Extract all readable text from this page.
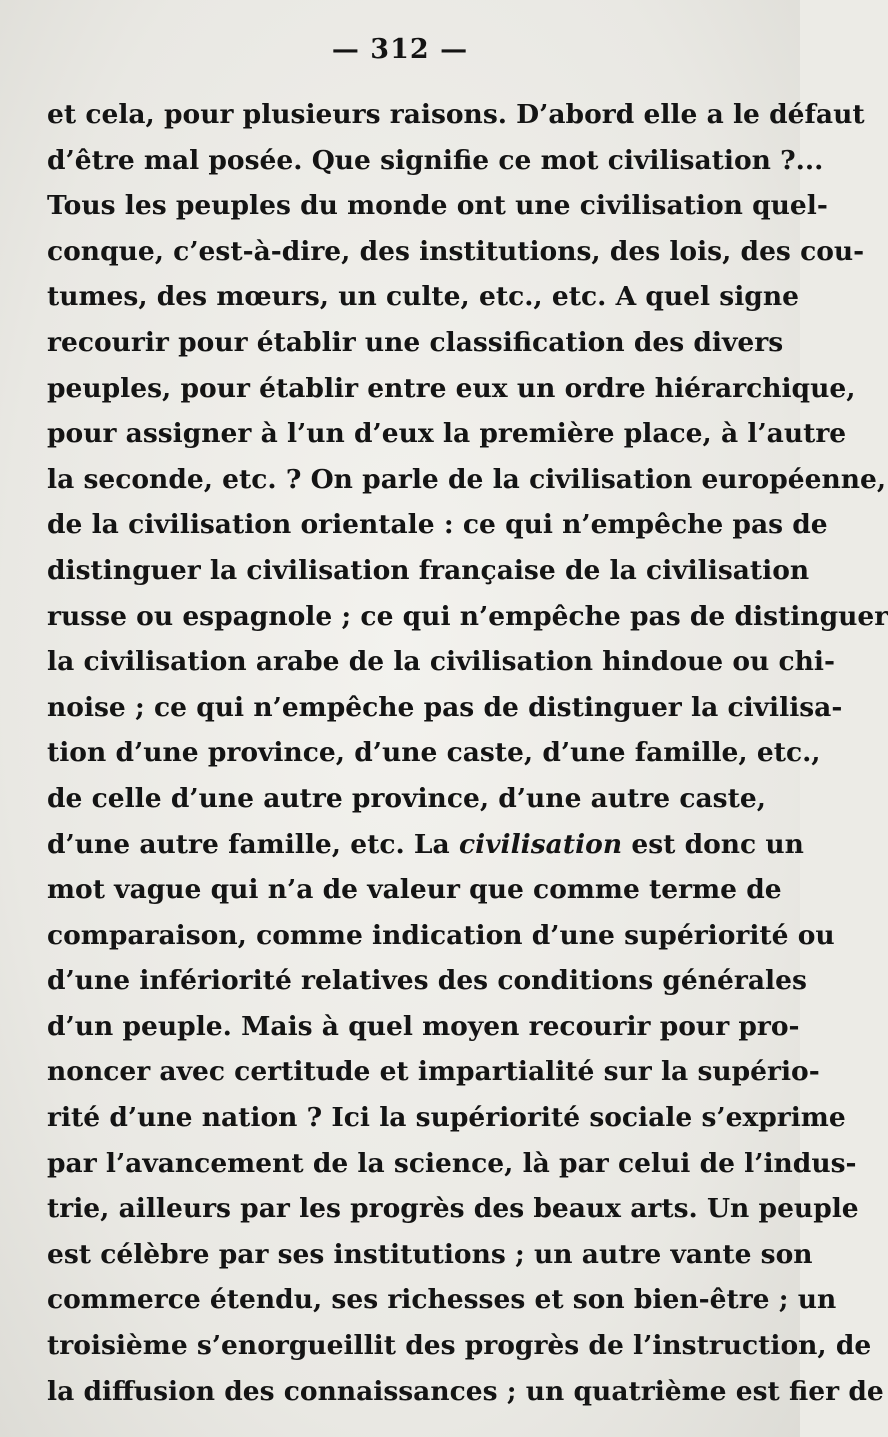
— 312 —
et cela, pour plusieurs raisons. D’abord elle a le défaut
d’être mal posée. Que signifie ce mot civilisation ?...
Tous les peuples du monde ont une civilisation quel-
conque, c’est-à-dire, des institutions, des lois, des cou-
tumes, des mœurs, un culte, etc., etc. A quel signe
recourir pour établir une classification des divers
peuples, pour établir entre eux un ordre hiérarchique,
pour assigner à l’un d’eux la première place, à l’autre
la seconde, etc. ? On parle de la civilisation européenne,
de la civilisation orientale : ce qui n’empêche pas de
distinguer la civilisation française de la civilisation
russe ou espagnole ; ce qui n’empêche pas de distinguer
la civilisation arabe de la civilisation hindoue ou chi-
noise ; ce qui n’empêche pas de distinguer la civilisa-
tion d’une province, d’une caste, d’une famille, etc.,
de celle d’une autre province, d’une autre caste,
d’une autre famille, etc. La civilisation est donc un
mot vague qui n’a de valeur que comme terme de
comparaison, comme indication d’une supériorité ou
d’une infériorité relatives des conditions générales
d’un peuple. Mais à quel moyen recourir pour pro-
noncer avec certitude et impartialité sur la supério-
rité d’une nation ? Ici la supériorité sociale s’exprime
par l’avancement de la science, là par celui de l’indus-
trie, ailleurs par les progrès des beaux arts. Un peuple
est célèbre par ses institutions ; un autre vante son
commerce étendu, ses richesses et son bien-être ; un
troisième s’enorgueillit des progrès de l’instruction, de
la diffusion des connaissances ; un quatrième est fier de
